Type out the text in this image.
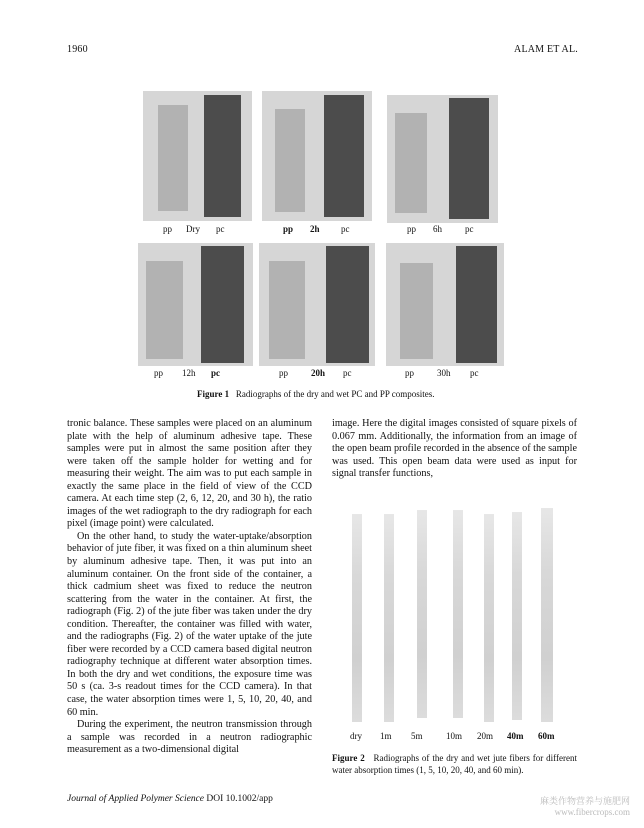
1960	ALAM ET AL.
pp Dry pc	pp 2h pc	pp 6h	pc
pp 12h pc	pp	20h pc	pp	30h pc
Figure 1 Radiographs of the dry and wet PC and PP composites.

tronic balance. These samples were placed on an aluminum plate with the help of aluminum adhesive tape. These samples were put in almost the same position after they were taken off the sample holder for wetting and for measuring their weight. The aim was to put each sample in exactly the same place in the field of view of the CCD camera. At each time step (2, 6, 12, 20, and 30 h), the ratio images of the wet radiograph to the dry radiograph for each pixel (image point) were calculated.

On the other hand, to study the water-uptake/absorption behavior of jute fiber, it was fixed on a thin aluminum sheet by aluminum adhesive tape. Then, it was put into an aluminum container. On the front side of the container, a thick cadmium sheet was fixed to reduce the neutron scattering from the water in the container. At first, the radiograph (Fig. 2) of the jute fiber was taken under the dry condition. Thereafter, the container was filled with water, and the radiographs (Fig. 2) of the water uptake of the jute fiber were recorded by a CCD camera based digital neutron radiography technique at different water absorption times. In both the dry and wet conditions, the exposure time was 50 s (ca. 3-s readout times for the CCD camera). In that case, the water absorption times were 1, 5, 10, 20, 40, and 60 min.

During the experiment, the neutron transmission through a sample was recorded in a neutron radiographic measurement as a two-dimensional digital

image. Here the digital images consisted of square pixels of 0.067 mm. Additionally, the information from an image of the open beam profile recorded in the absence of the sample was used. This open beam data were used as input for signal transfer functions,

dry 1m 5m	10m 20m 40m 60m
Figure 2 Radiographs of the dry and wet jute fibers for different water absorption times (1, 5, 10, 20, 40, and 60 min).
Journal of Applied Polymer Science DOI 10.1002/app	麻类作物营养与施肥网
www.fibercrops.com
